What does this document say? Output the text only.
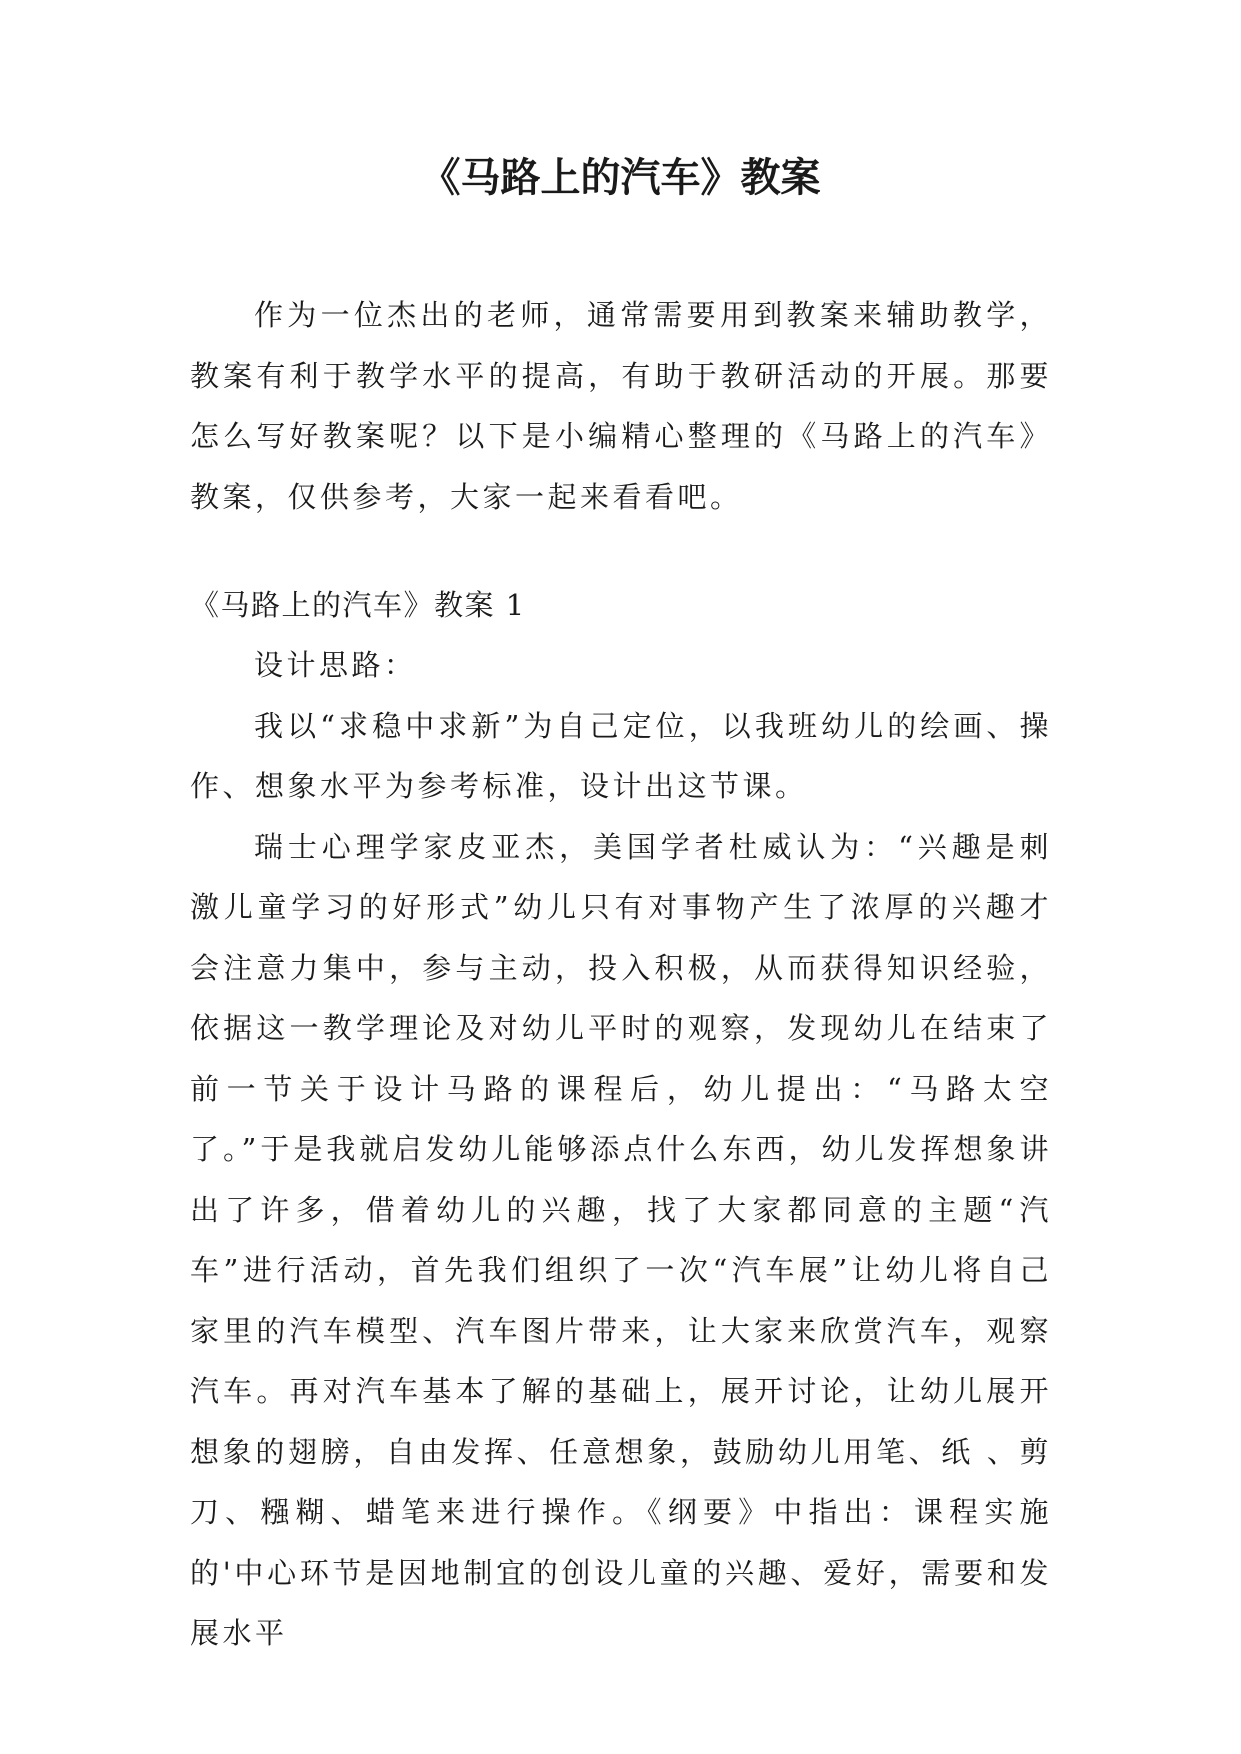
《马路上的汽车》教案

作为一位杰出的老师，通常需要用到教案来辅助教学，教案有利于教学水平的提高，有助于教研活动的开展。那要怎么写好教案呢？以下是小编精心整理的《马路上的汽车》教案，仅供参考，大家一起来看看吧。

《马路上的汽车》教案 1

设计思路：

我以“求稳中求新”为自己定位，以我班幼儿的绘画、操作、想象水平为参考标准，设计出这节课。

瑞士心理学家皮亚杰，美国学者杜威认为：“兴趣是刺激儿童学习的好形式”幼儿只有对事物产生了浓厚的兴趣才会注意力集中，参与主动，投入积极，从而获得知识经验，依据这一教学理论及对幼儿平时的观察，发现幼儿在结束了前一节关于设计马路的课程后，幼儿提出：“马路太空了。”于是我就启发幼儿能够添点什么东西，幼儿发挥想象讲出了许多，借着幼儿的兴趣，找了大家都同意的主题“汽车”进行活动，首先我们组织了一次“汽车展”让幼儿将自己家里的汽车模型、汽车图片带来，让大家来欣赏汽车，观察汽车。再对汽车基本了解的基础上，展开讨论，让幼儿展开想象的翅膀，自由发挥、任意想象，鼓励幼儿用笔、纸 、剪刀、糨糊、蜡笔来进行操作。《纲要》中指出：课程实施的'中心环节是因地制宜的创设儿童的兴趣、爱好，需要和发展水平
